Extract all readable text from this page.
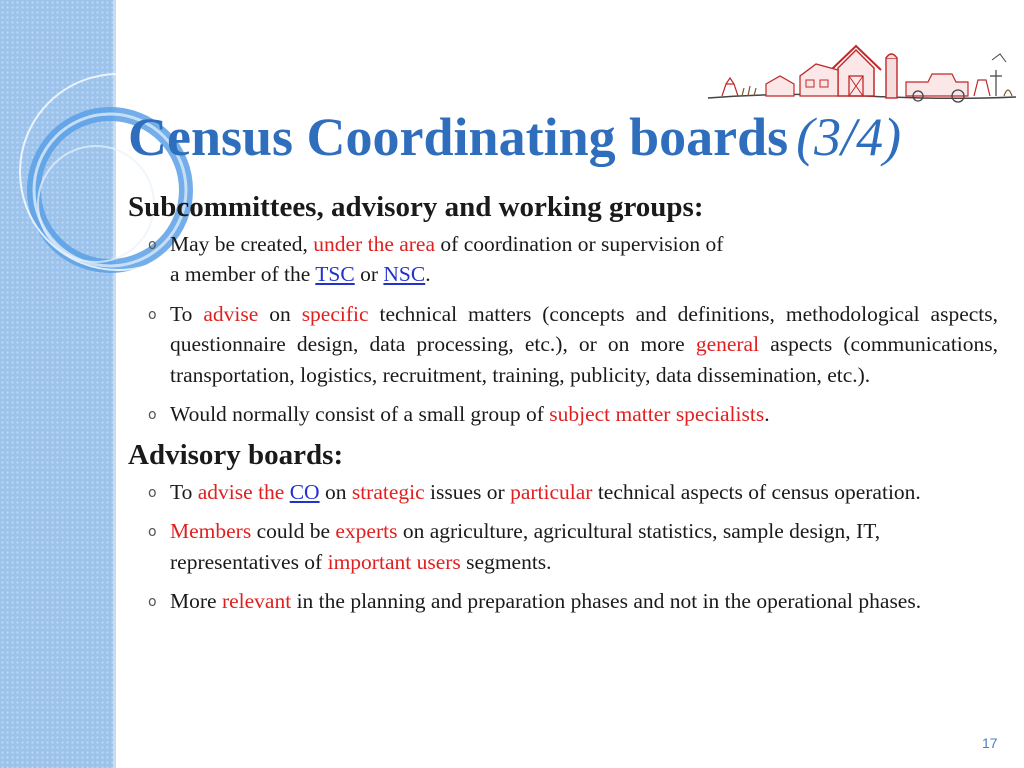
Census Coordinating boards (3/4)
Subcommittees, advisory and working groups:
o May be created, under the area of coordination or supervision of
a member of the TSC or NSC.
o To advise on specific technical matters (concepts and definitions, methodological aspects, questionnaire design, data processing, etc.), or on more general aspects (communications, transportation, logistics, recruitment, training, publicity, data dissemination, etc.).
o Would normally consist of a small group of subject matter specialists.
Advisory boards:
o To advise the CO on strategic issues or particular technical aspects of census operation.
o Members could be experts on agriculture, agricultural statistics, sample design, IT, representatives of important users segments.
o More relevant in the planning and preparation phases and not in the operational phases.
17
